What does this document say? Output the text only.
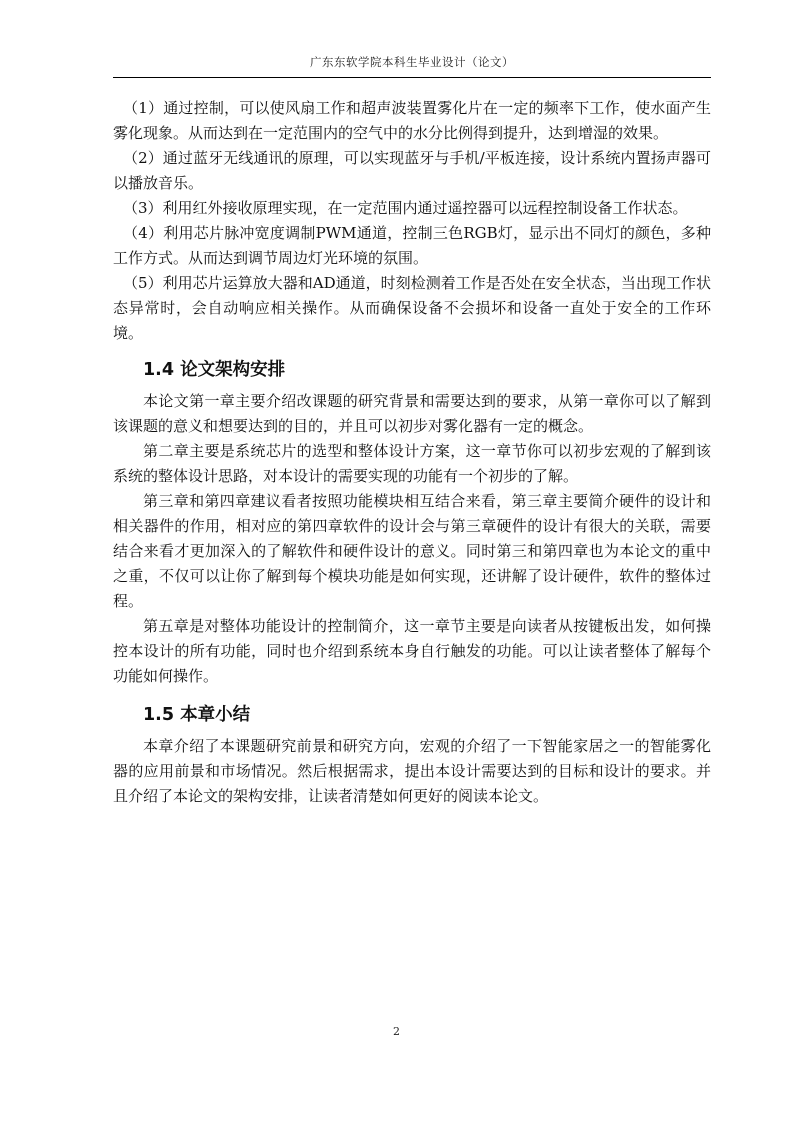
广东东软学院本科生毕业设计（论文）

（1）通过控制，可以使风扇工作和超声波装置雾化片在一定的频率下工作，使水面产生雾化现象。从而达到在一定范围内的空气中的水分比例得到提升，达到增湿的效果。

（2）通过蓝牙无线通讯的原理，可以实现蓝牙与手机/平板连接，设计系统内置扬声器可以播放音乐。

（3）利用红外接收原理实现，在一定范围内通过遥控器可以远程控制设备工作状态。

（4）利用芯片脉冲宽度调制PWM通道，控制三色RGB灯，显示出不同灯的颜色，多种工作方式。从而达到调节周边灯光环境的氛围。

（5）利用芯片运算放大器和AD通道，时刻检测着工作是否处在安全状态，当出现工作状态异常时，会自动响应相关操作。从而确保设备不会损坏和设备一直处于安全的工作环境。

1.4 论文架构安排

本论文第一章主要介绍改课题的研究背景和需要达到的要求，从第一章你可以了解到该课题的意义和想要达到的目的，并且可以初步对雾化器有一定的概念。

第二章主要是系统芯片的选型和整体设计方案，这一章节你可以初步宏观的了解到该系统的整体设计思路，对本设计的需要实现的功能有一个初步的了解。

第三章和第四章建议看者按照功能模块相互结合来看，第三章主要简介硬件的设计和相关器件的作用，相对应的第四章软件的设计会与第三章硬件的设计有很大的关联，需要结合来看才更加深入的了解软件和硬件设计的意义。同时第三和第四章也为本论文的重中之重，不仅可以让你了解到每个模块功能是如何实现，还讲解了设计硬件，软件的整体过程。

第五章是对整体功能设计的控制简介，这一章节主要是向读者从按键板出发，如何操控本设计的所有功能，同时也介绍到系统本身自行触发的功能。可以让读者整体了解每个功能如何操作。

1.5 本章小结

本章介绍了本课题研究前景和研究方向，宏观的介绍了一下智能家居之一的智能雾化器的应用前景和市场情况。然后根据需求，提出本设计需要达到的目标和设计的要求。并且介绍了本论文的架构安排，让读者清楚如何更好的阅读本论文。

2
